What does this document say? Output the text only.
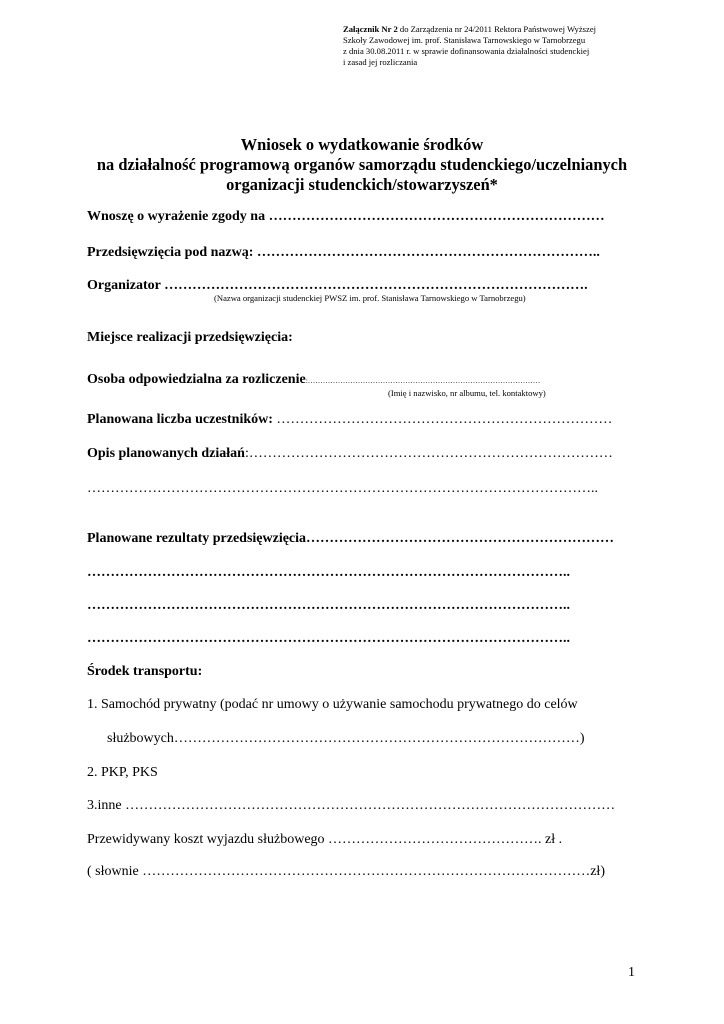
Załącznik Nr 2 do Zarządzenia nr 24/2011 Rektora Państwowej Wyższej
Szkoły Zawodowej im. prof. Stanisława Tarnowskiego w Tarnobrzegu
z dnia 30.08.2011 r. w sprawie dofinansowania działalności studenckiej
i zasad jej rozliczania
Wniosek o wydatkowanie środków
na działalność programową organów samorządu studenckiego/uczelnianych
organizacji studenckich/stowarzyszeń*
Wnoszę o wyrażenie zgody na ………………………………………………………………
Przedsięwzięcia pod nazwą: ………………………………………………………………..
Organizator ……………………………………………………………………………….
(Nazwa organizacji studenckiej PWSZ im. prof. Stanisława Tarnowskiego w Tarnobrzegu)
Miejsce realizacji przedsięwzięcia:
Osoba odpowiedzialna za rozliczenie:…………………………………………………………………………………
(Imię i nazwisko, nr albumu, tel. kontaktowy)
Planowana liczba uczestników: ………………………………………………………………
Opis planowanych działań:……………………………………………………………………
………………………………………………………………………………………………..
Planowane rezultaty przedsięwzięcia…………………………………………………………
…………………………………………………………………………………………..
…………………………………………………………………………………………..
…………………………………………………………………………………………..
Środek transportu:
1. Samochód prywatny (podać nr umowy o używanie samochodu prywatnego do celów
służbowych……………………………………………………………………………)
2. PKP, PKS
3.inne ……………………………………………………………………………………………
Przewidywany koszt wyjazdu służbowego ………………………………………. zł .
( słownie ……………………………………………………………………………………zł)
1
